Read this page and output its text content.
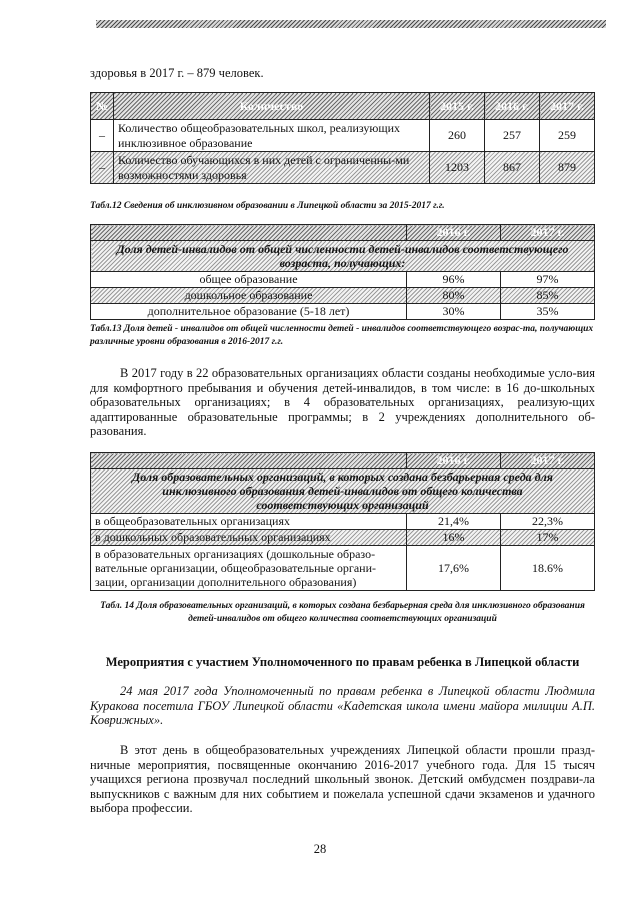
здоровья в 2017 г. – 879 человек.
№	Количество	2015 г.	2016 г.	2017 г.
–	Количество общеобразовательных школ, реализующих инклюзивное образование	260	257	259
–	Количество обучающихся в них детей с ограниченны-ми возможностями здоровья	1203	867	879
Табл.12 Сведения об инклюзивном образовании в Липецкой области за 2015-2017 г.г.
	2016 г.	2017 г.
Доля детей-инвалидов от общей численности детей-инвалидов соответствующего возраста, получающих:		
общее образование	96%	97%
дошкольное образование	80%	85%
дополнительное образование (5-18 лет)	30%	35%
Табл.13 Доля детей - инвалидов от общей численности детей - инвалидов соответствующего возрас-та, получающих различные уровни образования в 2016-2017 г.г.

В 2017 году в 22 образовательных организациях области созданы необходимые усло-вия для комфортного пребывания и обучения детей-инвалидов, в том числе: в 16 до-школьных образовательных организациях; в 4 образовательных организациях, реализую-щих адаптированные образовательные программы; в 2 учреждениях дополнительного об-разования.

	2016 г.	2017 г.
Доля образовательных организаций, в которых создана безбарьерная среда для инклюзивного образования детей-инвалидов от общего количества соответствующих организаций		
в общеобразовательных организациях	21,4%	22,3%
в дошкольных образовательных организациях	16%	17%
в образовательных организациях (дошкольные образо-вательные организации, общеобразовательные органи-зации, организации дополнительного образования)	17,6%	18.6%
Табл. 14 Доля образовательных организаций, в которых создана безбарьерная среда для инклюзивного образования детей-инвалидов от общего количества соответствующих организаций
Мероприятия с участием Уполномоченного по правам ребенка в Липецкой области

24 мая 2017 года Уполномоченный по правам ребенка в Липецкой области Людмила Куракова посетила ГБОУ Липецкой области «Кадетская школа имени майора милиции А.П. Коврижных».

В этот день в общеобразовательных учреждениях Липецкой области прошли празд-ничные мероприятия, посвященные окончанию 2016-2017 учебного года. Для 15 тысяч учащихся региона прозвучал последний школьный звонок. Детский омбудсмен поздрави-ла выпускников с важным для них событием и пожелала успешной сдачи экзаменов и удачного выбора профессии.

28
